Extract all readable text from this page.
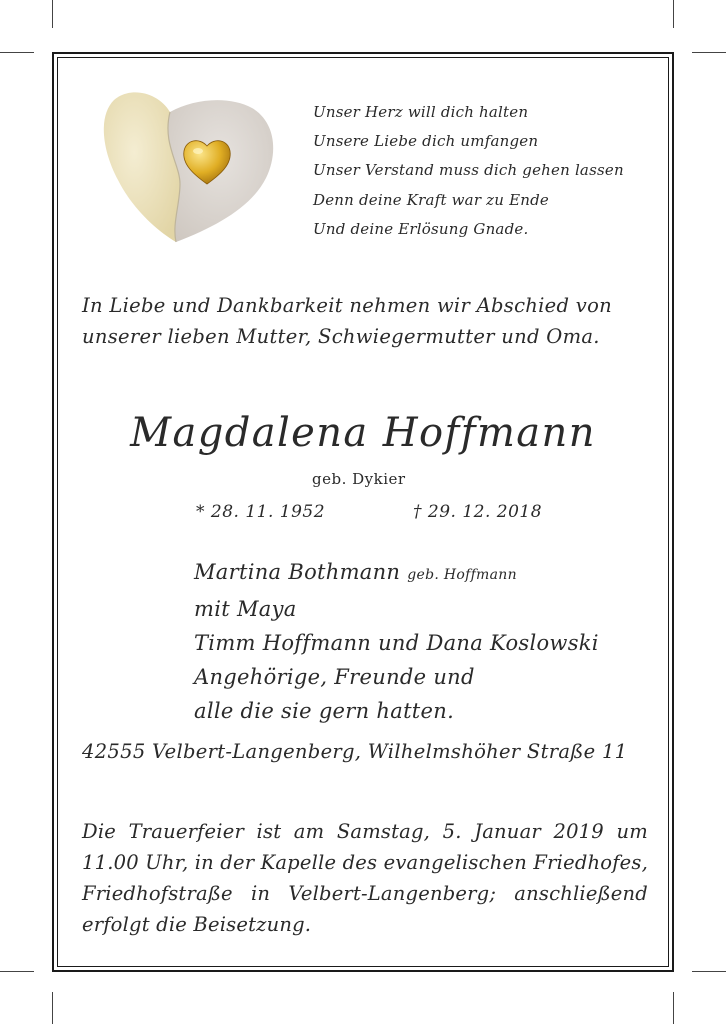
Unser Herz will dich halten
Unsere Liebe dich umfangen
Unser Verstand muss dich gehen lassen
Denn deine Kraft war zu Ende
Und deine Erlösung Gnade.
In Liebe und Dankbarkeit nehmen wir Abschied von
unserer lieben Mutter, Schwiegermutter und Oma.
Magdalena Hoffmann
geb. Dykier
* 28. 11. 1952	† 29. 12. 2018
Martina Bothmann geb. Hoffmann
mit Maya
Timm Hoffmann und Dana Koslowski
Angehörige, Freunde und
alle die sie gern hatten.
42555 Velbert-Langenberg, Wilhelmshöher Straße 11
Die Trauerfeier ist am Samstag, 5. Januar 2019 um
11.00 Uhr, in der Kapelle des evangelischen Friedhofes,
Friedhofstraße in Velbert-Langenberg; anschließend
erfolgt die Beisetzung.
